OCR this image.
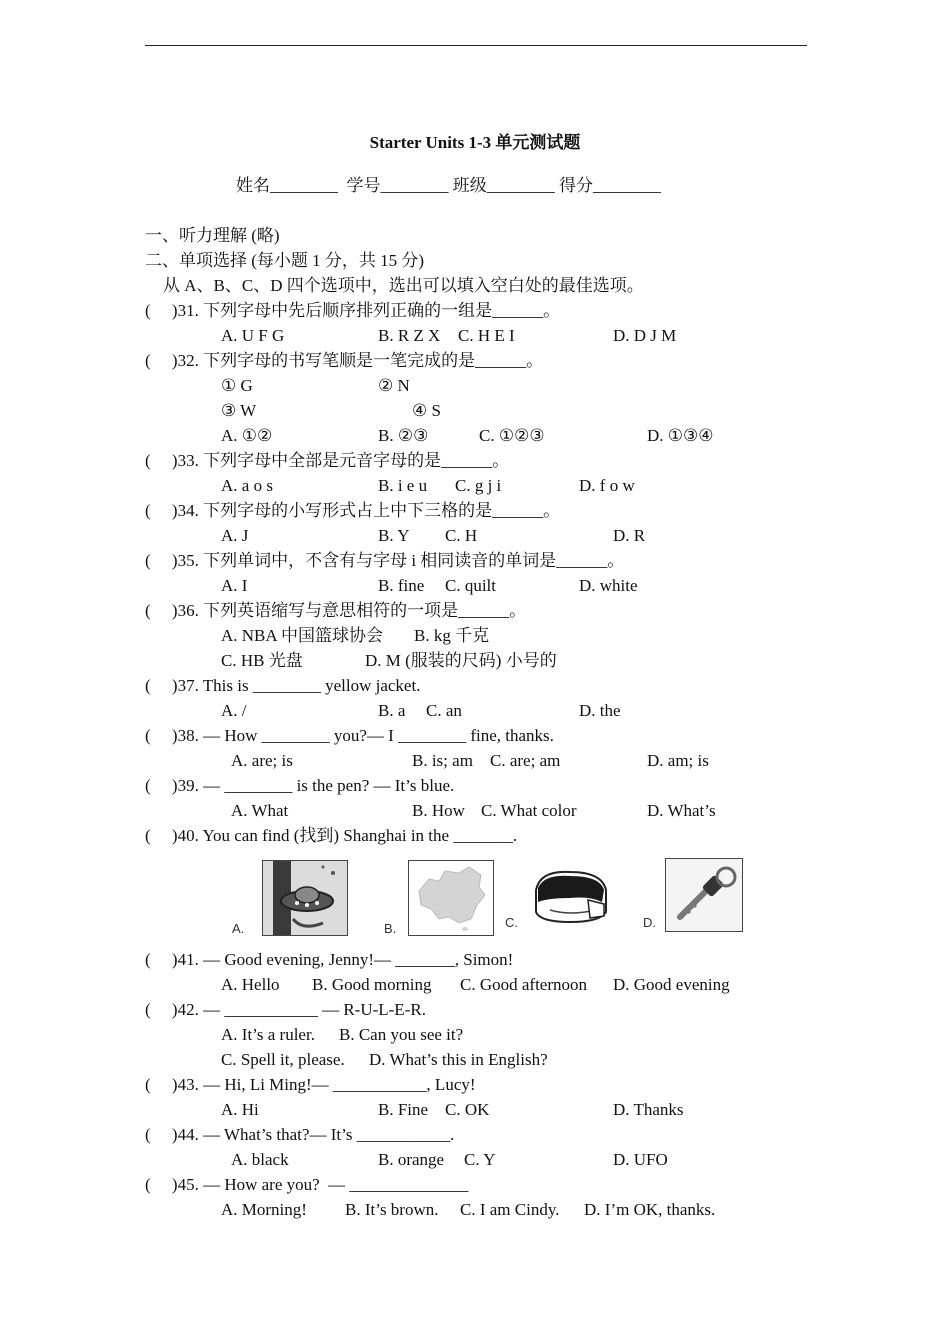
Starter Units 1-3 单元测试题
姓名________  学号________ 班级________ 得分________
一、听力理解 (略)
二、单项选择 (每小题 1 分，共 15 分)
从 A、B、C、D 四个选项中，选出可以填入空白处的最佳选项。
(     )31. 下列字母中先后顺序排列正确的一组是______。
A. U F G	B. R Z X C. H E I	D. D J M
(     )32. 下列字母的书写笔顺是一笔完成的是______。
① G	② N
③ W	④ S
A. ①②	B. ②③	C. ①②③	D. ①③④
(     )33. 下列字母中全部是元音字母的是______。
A. a o s	B. i e u C. g j i	D. f o w
(     )34. 下列字母的小写形式占上中下三格的是______。
A. J	B. Y C. H	D. R
(     )35. 下列单词中，不含有与字母 i 相同读音的单词是______。
A. I	B. fine C. quilt	D. white
(     )36. 下列英语缩写与意思相符的一项是______。
A. NBA 中国篮球协会 B. kg 千克
C. HB 光盘	D. M (服装的尺码) 小号的
(     )37. This is ________ yellow jacket.
A. /	B. a C. an	D. the
(     )38. — How ________ you?— I ________ fine, thanks.
A. are; is	B. is; am C. are; am	D. am; is
(     )39. — ________ is the pen? — It’s blue.
A. What	B. How C. What color	D. What’s
(     )40. You can find (找到) Shanghai in the _______.
A.	B.	C.	D.
(     )41. — Good evening, Jenny!— _______, Simon!
A. Hello B. Good morning C. Good afternoon D. Good evening
(     )42. — ___________ — R-U-L-E-R.
A. It’s a ruler. B. Can you see it?
C. Spell it, please. D. What’s this in English?
(     )43. — Hi, Li Ming!— ___________, Lucy!
A. Hi	B. Fine C. OK	D. Thanks
(     )44. — What’s that?— It’s ___________.
A. black	B. orange C. Y	D. UFO
(     )45. — How are you?  — ______________
A. Morning! B. It’s brown. C. I am Cindy. D. I’m OK, thanks.
